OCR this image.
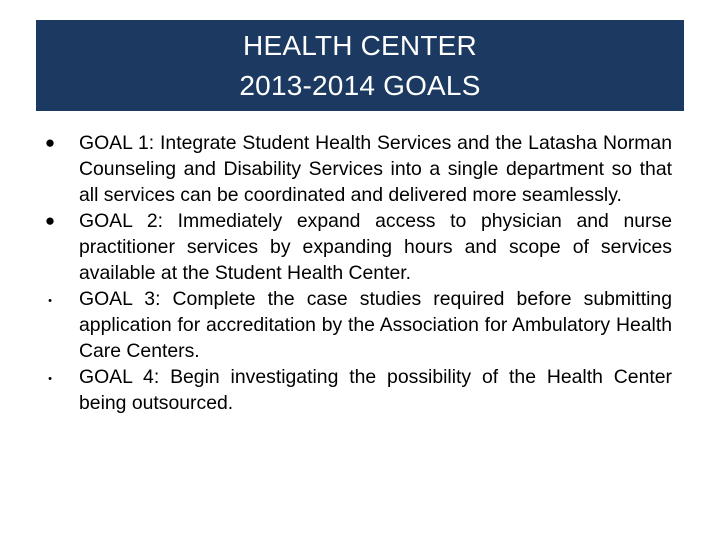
HEALTH CENTER
2013-2014 GOALS
● GOAL 1: Integrate Student Health Services and the Latasha Norman Counseling and Disability Services into a single department so that all services can be coordinated and delivered more seamlessly.
● GOAL 2: Immediately expand access to physician and nurse practitioner services by expanding hours and scope of services available at the Student Health Center.
•	GOAL 3: Complete the case studies required before submitting application for accreditation by the Association for Ambulatory Health Care Centers.
•	GOAL 4: Begin investigating the possibility of the Health Center being outsourced.
